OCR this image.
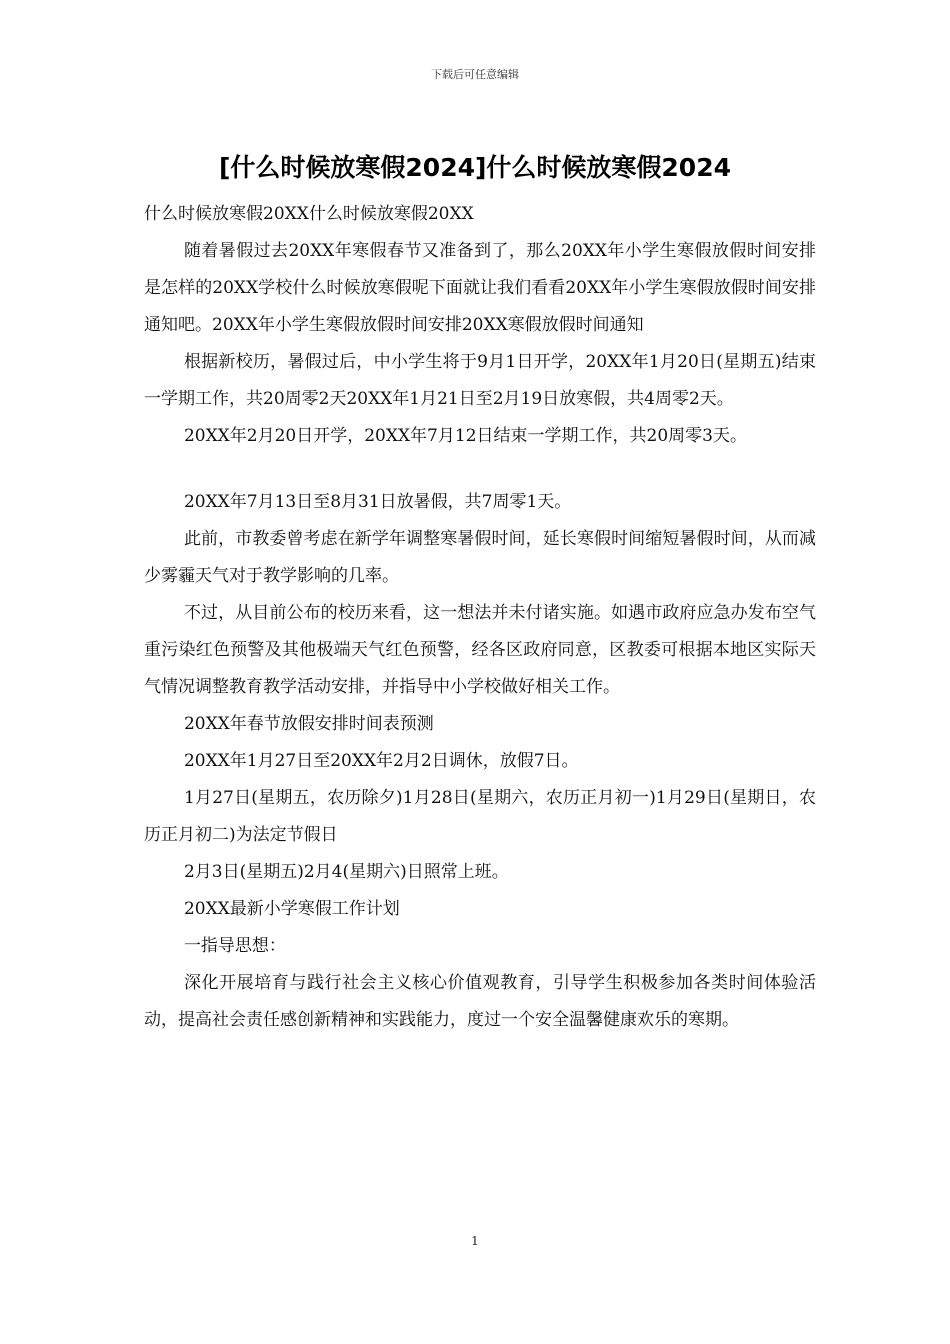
下载后可任意编辑
[什么时候放寒假2024]什么时候放寒假2024

什么时候放寒假20XX什么时候放寒假20XX

随着暑假过去20XX年寒假春节又准备到了，那么20XX年小学生寒假放假时间安排是怎样的20XX学校什么时候放寒假呢下面就让我们看看20XX年小学生寒假放假时间安排通知吧。20XX年小学生寒假放假时间安排20XX寒假放假时间通知

根据新校历，暑假过后，中小学生将于9月1日开学，20XX年1月20日(星期五)结束一学期工作，共20周零2天20XX年1月21日至2月19日放寒假，共4周零2天。

20XX年2月20日开学，20XX年7月12日结束一学期工作，共20周零3天。

20XX年7月13日至8月31日放暑假，共7周零1天。

此前，市教委曾考虑在新学年调整寒暑假时间，延长寒假时间缩短暑假时间，从而减少雾霾天气对于教学影响的几率。

不过，从目前公布的校历来看，这一想法并未付诸实施。如遇市政府应急办发布空气重污染红色预警及其他极端天气红色预警，经各区政府同意，区教委可根据本地区实际天气情况调整教育教学活动安排，并指导中小学校做好相关工作。

20XX年春节放假安排时间表预测

20XX年1月27日至20XX年2月2日调休，放假7日。

1月27日(星期五，农历除夕)1月28日(星期六，农历正月初一)1月29日(星期日，农历正月初二)为法定节假日

2月3日(星期五)2月4(星期六)日照常上班。

20XX最新小学寒假工作计划

一指导思想：

深化开展培育与践行社会主义核心价值观教育，引导学生积极参加各类时间体验活动，提高社会责任感创新精神和实践能力，度过一个安全温馨健康欢乐的寒期。

1
